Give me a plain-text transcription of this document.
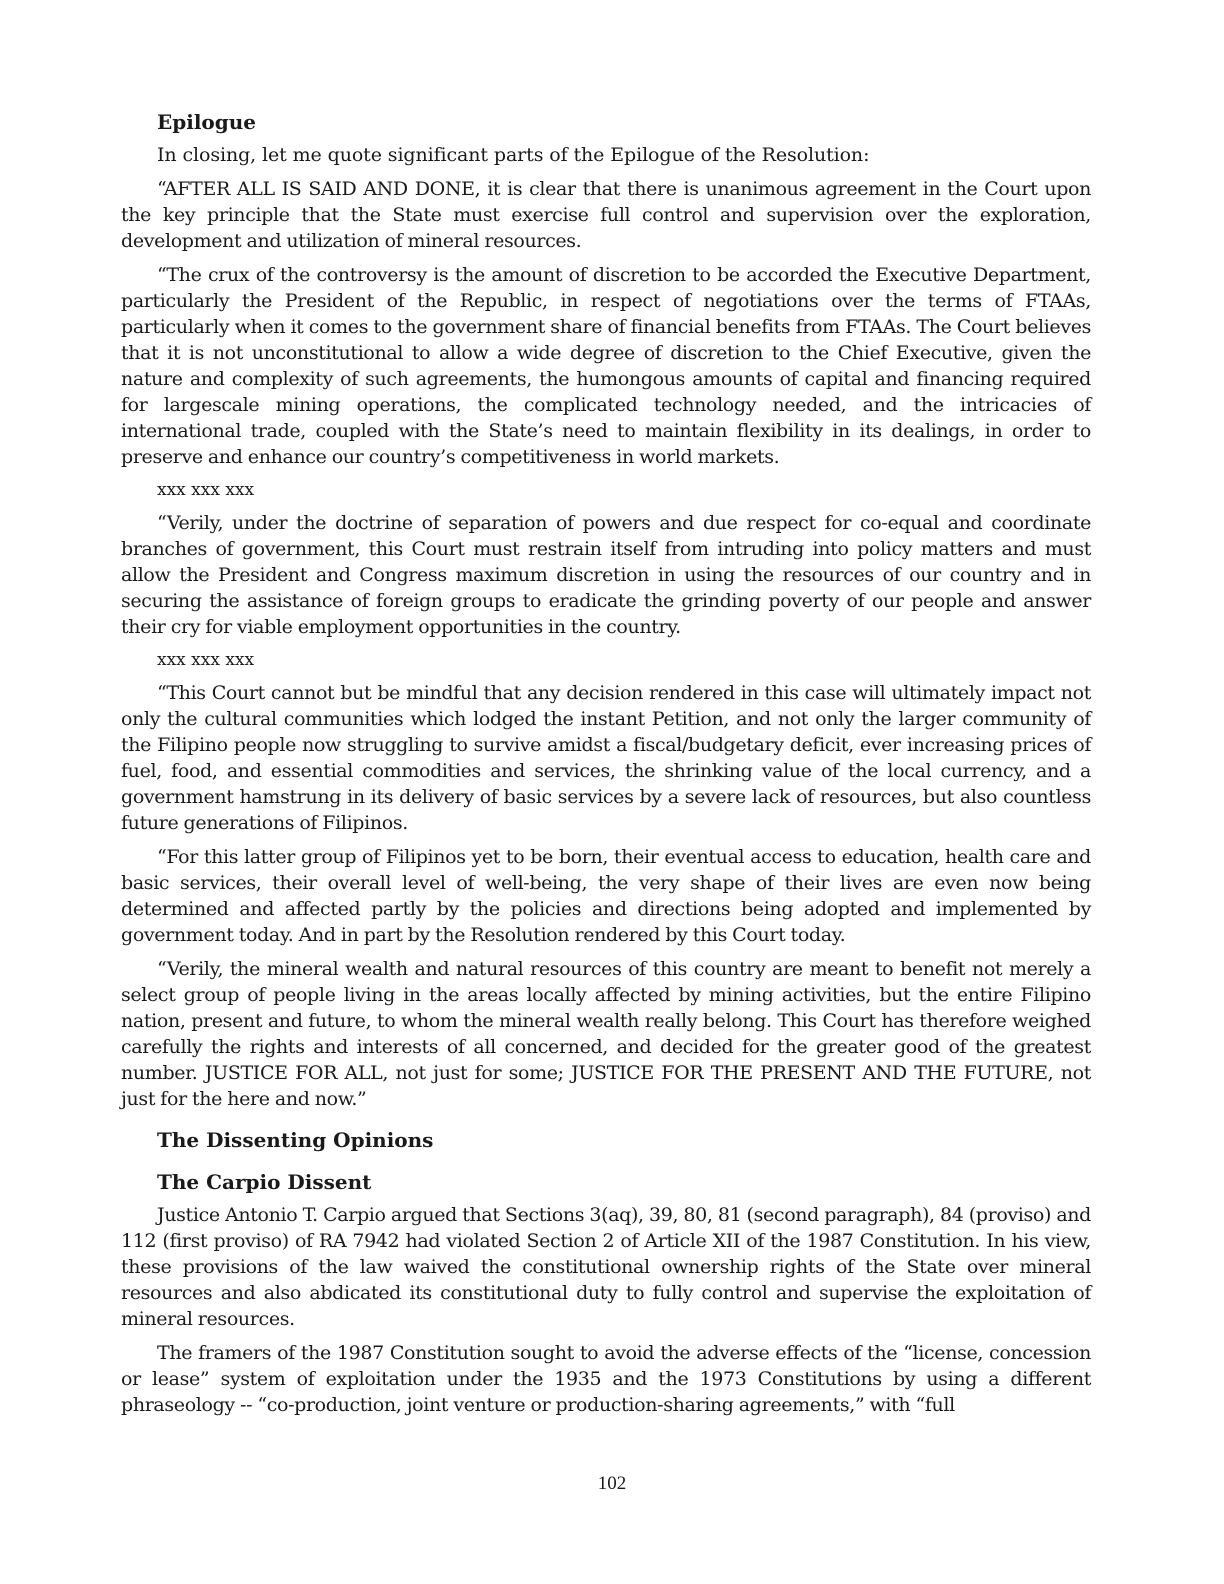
Epilogue

In closing, let me quote significant parts of the Epilogue of the Resolution:

“AFTER ALL IS SAID AND DONE, it is clear that there is unanimous agreement in the Court upon the key principle that the State must exercise full control and supervision over the exploration, development and utilization of mineral resources.

“The crux of the controversy is the amount of discretion to be accorded the Executive Department, particularly the President of the Republic, in respect of negotiations over the terms of FTAAs, particularly when it comes to the government share of financial benefits from FTAAs. The Court believes that it is not unconstitutional to allow a wide degree of discretion to the Chief Executive, given the nature and complexity of such agreements, the humongous amounts of capital and financing required for largescale mining operations, the complicated technology needed, and the intricacies of international trade, coupled with the State’s need to maintain flexibility in its dealings, in order to preserve and enhance our country’s competitiveness in world markets.

xxx xxx xxx

“Verily, under the doctrine of separation of powers and due respect for co-equal and coordinate branches of government, this Court must restrain itself from intruding into policy matters and must allow the President and Congress maximum discretion in using the resources of our country and in securing the assistance of foreign groups to eradicate the grinding poverty of our people and answer their cry for viable employment opportunities in the country.

xxx xxx xxx

“This Court cannot but be mindful that any decision rendered in this case will ultimately impact not only the cultural communities which lodged the instant Petition, and not only the larger community of the Filipino people now struggling to survive amidst a fiscal/budgetary deficit, ever increasing prices of fuel, food, and essential commodities and services, the shrinking value of the local currency, and a government hamstrung in its delivery of basic services by a severe lack of resources, but also countless future generations of Filipinos.

“For this latter group of Filipinos yet to be born, their eventual access to education, health care and basic services, their overall level of well-being, the very shape of their lives are even now being determined and affected partly by the policies and directions being adopted and implemented by government today. And in part by the Resolution rendered by this Court today.

“Verily, the mineral wealth and natural resources of this country are meant to benefit not merely a select group of people living in the areas locally affected by mining activities, but the entire Filipino nation, present and future, to whom the mineral wealth really belong. This Court has therefore weighed carefully the rights and interests of all concerned, and decided for the greater good of the greatest number. JUSTICE FOR ALL, not just for some; JUSTICE FOR THE PRESENT AND THE FUTURE, not just for the here and now.”

The Dissenting Opinions
The Carpio Dissent

Justice Antonio T. Carpio argued that Sections 3(aq), 39, 80, 81 (second paragraph), 84 (proviso) and 112 (first proviso) of RA 7942 had violated Section 2 of Article XII of the 1987 Constitution. In his view, these provisions of the law waived the constitutional ownership rights of the State over mineral resources and also abdicated its constitutional duty to fully control and supervise the exploitation of mineral resources.

The framers of the 1987 Constitution sought to avoid the adverse effects of the “license, concession or lease” system of exploitation under the 1935 and the 1973 Constitutions by using a different phraseology -- “co-production, joint venture or production-sharing agreements,” with “full

102
